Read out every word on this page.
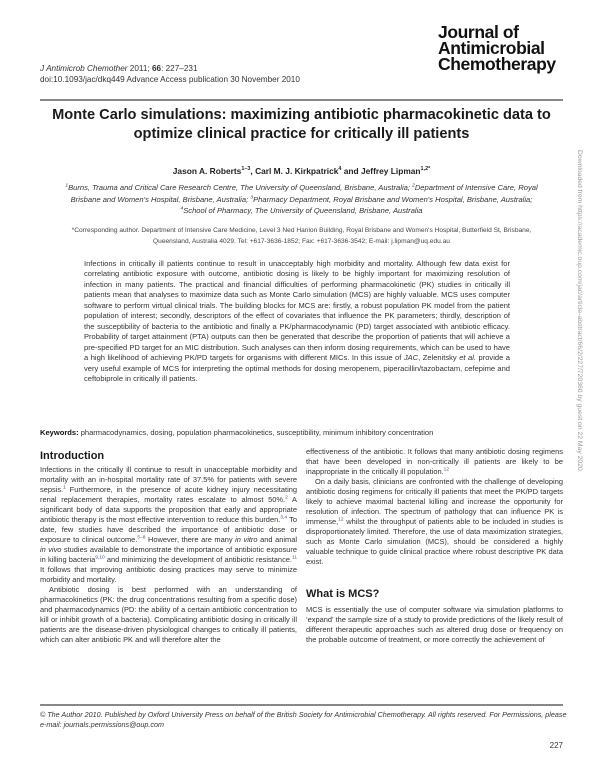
J Antimicrob Chemother 2011; 66: 227–231
doi:10.1093/jac/dkq449 Advance Access publication 30 November 2010
Journal of
Antimicrobial
Chemotherapy
Monte Carlo simulations: maximizing antibiotic pharmacokinetic data to optimize clinical practice for critically ill patients
Jason A. Roberts$^{1-3}$, Carl M. J. Kirkpatrick$^4$ and Jeffrey Lipman$^{1,2*}$
$^1$Burns, Trauma and Critical Care Research Centre, The University of Queensland, Brisbane, Australia; $^2$Department of Intensive Care, Royal Brisbane and Women's Hospital, Brisbane, Australia; $^3$Pharmacy Department, Royal Brisbane and Women's Hospital, Brisbane, Australia; $^4$School of Pharmacy, The University of Queensland, Brisbane, Australia
*Corresponding author. Department of Intensive Care Medicine, Level 3 Ned Hanlon Building, Royal Brisbane and Women's Hospital, Butterfield St, Brisbane, Queensland, Australia 4029. Tel: +617-3636-1852; Fax: +617-3636-3542; E-mail: j.lipman@uq.edu.au
Infections in critically ill patients continue to result in unacceptably high morbidity and mortality. Although few data exist for correlating antibiotic exposure with outcome, antibiotic dosing is likely to be highly important for maximizing resolution of infection in many patients. The practical and financial difficulties of performing pharmacokinetic (PK) studies in critically ill patients mean that analyses to maximize data such as Monte Carlo simulation (MCS) are highly valuable. MCS uses computer software to perform virtual clinical trials. The building blocks for MCS are: firstly, a robust population PK model from the patient population of interest; secondly, descriptors of the effect of covariates that influence the PK parameters; thirdly, description of the susceptibility of bacteria to the antibiotic and finally a PK/pharmacodynamic (PD) target associated with antibiotic efficacy. Probability of target attainment (PTA) outputs can then be generated that describe the proportion of patients that will achieve a pre-specified PD target for an MIC distribution. Such analyses can then inform dosing requirements, which can be used to have a high likelihood of achieving PK/PD targets for organisms with different MICs. In this issue of JAC, Zelenitsky et al. provide a very useful example of MCS for interpreting the optimal methods for dosing meropenem, piperacillin/tazobactam, cefepime and ceftobiprole in critically ill patients.
Keywords: pharmacodynamics, dosing, population pharmacokinetics, susceptibility, minimum inhibitory concentration
Introduction

Infections in the critically ill continue to result in unacceptable morbidity and mortality with an in-hospital mortality rate of 37.5% for patients with severe sepsis.$^1$ Furthermore, in the presence of acute kidney injury necessitating renal replacement therapies, mortality rates escalate to almost 50%.$^2$ A significant body of data supports the proposition that early and appropriate antibiotic therapy is the most effective intervention to reduce this burden.$^{3,4}$ To date, few studies have described the importance of antibiotic dose or exposure to clinical outcome.$^{5-8}$ However, there are many in vitro and animal in vivo studies available to demonstrate the importance of antibiotic exposure in killing bacteria$^{9,10}$ and minimizing the development of antibiotic resistance.$^{11}$ It follows that improving antibiotic dosing practices may serve to minimize morbidity and mortality.

Antibiotic dosing is best performed with an understanding of pharmacokinetics (PK: the drug concentrations resulting from a specific dose) and pharmacodynamics (PD: the ability of a certain antibiotic concentration to kill or inhibit growth of a bacteria). Complicating antibiotic dosing in critically ill patients are the disease-driven physiological changes to critically ill patients, which can alter antibiotic PK and will therefore alter the

effectiveness of the antibiotic. It follows that many antibiotic dosing regimens that have been developed in non-critically ill patients are likely to be inappropriate in the critically ill population.$^{12}$

On a daily basis, clinicians are confronted with the challenge of developing antibiotic dosing regimens for critically ill patients that meet the PK/PD targets likely to achieve maximal bacterial killing and increase the opportunity for resolution of infection. The spectrum of pathology that can influence PK is immense,$^{12}$ whilst the throughput of patients able to be included in studies is disproportionately limited. Therefore, the use of data maximization strategies, such as Monte Carlo simulation (MCS), should be considered a highly valuable technique to guide clinical practice where robust descriptive PK data exist.

What is MCS?

MCS is essentially the use of computer software via simulation platforms to ‘expand’ the sample size of a study to provide predictions of the likely result of different therapeutic approaches such as altered drug dose or frequency on the probable outcome of treatment, or more correctly the achievement of

© The Author 2010. Published by Oxford University Press on behalf of the British Society for Antimicrobial Chemotherapy. All rights reserved. For Permissions, please e-mail: journals.permissions@oup.com
227
Downloaded from https://academic.oup.com/jac/article-abstract/66/2/227/720360 by guest on 22 May 2020
